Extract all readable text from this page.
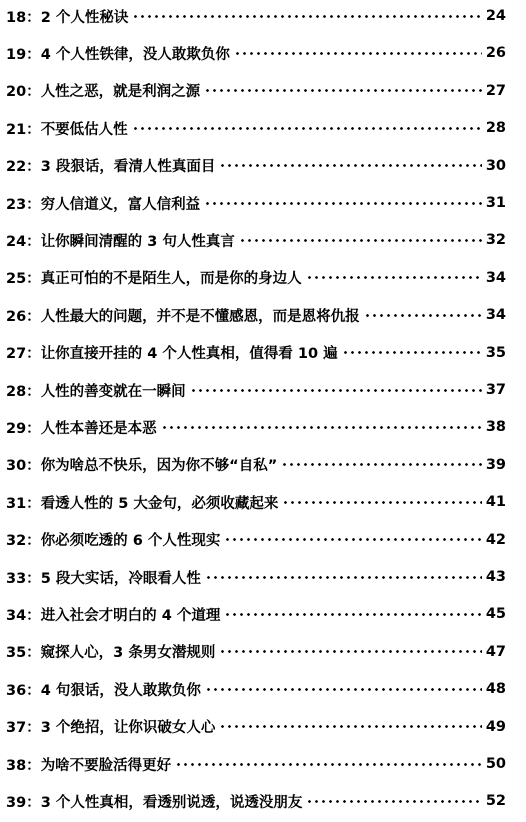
18： 2 个人性秘诀	24
19： 4 个人性铁律，没人敢欺负你	26
20： 人性之恶，就是利润之源	27
21： 不要低估人性	28
22： 3 段狠话，看清人性真面目	30
23： 穷人信道义，富人信利益	31
24： 让你瞬间清醒的 3 句人性真言	32
25： 真正可怕的不是陌生人，而是你的身边人	34
26： 人性最大的问题，并不是不懂感恩，而是恩将仇报	34
27： 让你直接开挂的 4 个人性真相，值得看 10 遍	35
28： 人性的善变就在一瞬间	37
29： 人性本善还是本恶	38
30： 你为啥总不快乐，因为你不够“自私”	39
31： 看透人性的 5 大金句，必须收藏起来	41
32： 你必须吃透的 6 个人性现实	42
33： 5 段大实话，冷眼看人性	43
34： 进入社会才明白的 4 个道理	45
35： 窥探人心，3 条男女潜规则	47
36： 4 句狠话，没人敢欺负你	48
37： 3 个绝招，让你识破女人心	49
38： 为啥不要脸活得更好	50
39： 3 个人性真相，看透别说透，说透没朋友	52
